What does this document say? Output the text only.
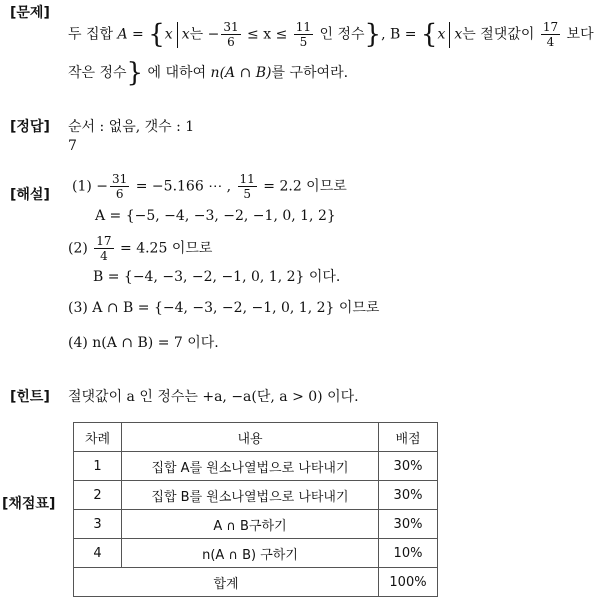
[문제]
두 집합 A = {x x는 − $\frac{31}{6} \le x \le \frac{11}{5}$ 인 정수}, B = {x x는 절댓값이 $\frac{17}{4}$ 보다
작은 정수} 에 대하여 n(A ∩ B)를 구하여라.
[정답] 순서 : 없음, 갯수 : 1
7
[해설]
$(1) - \frac{31}{6} = -5.166$ ⋯ , $\frac{11}{5} = 2.2$ 이므로
A = {−5, −4, −3, −2, −1, 0, 1, 2}
$(2) \frac{17}{4} = 4.25$ 이므로
B = {−4, −3, −2, −1, 0, 1, 2} 이다.
(3) A ∩ B = {−4, −3, −2, −1, 0, 1, 2} 이므로
(4) n(A ∩ B) = 7 이다.
[힌트] 절댓값이 a 인 정수는 +a, −a(단, a > 0) 이다.
[채점표]
차례	내용	배점
1	집합 A를 원소나열법으로 나타내기	30%
2	집합 B를 원소나열법으로 나타내기	30%
3	A ∩ B구하기	30%
4	n(A ∩ B) 구하기	10%
합계		100%
